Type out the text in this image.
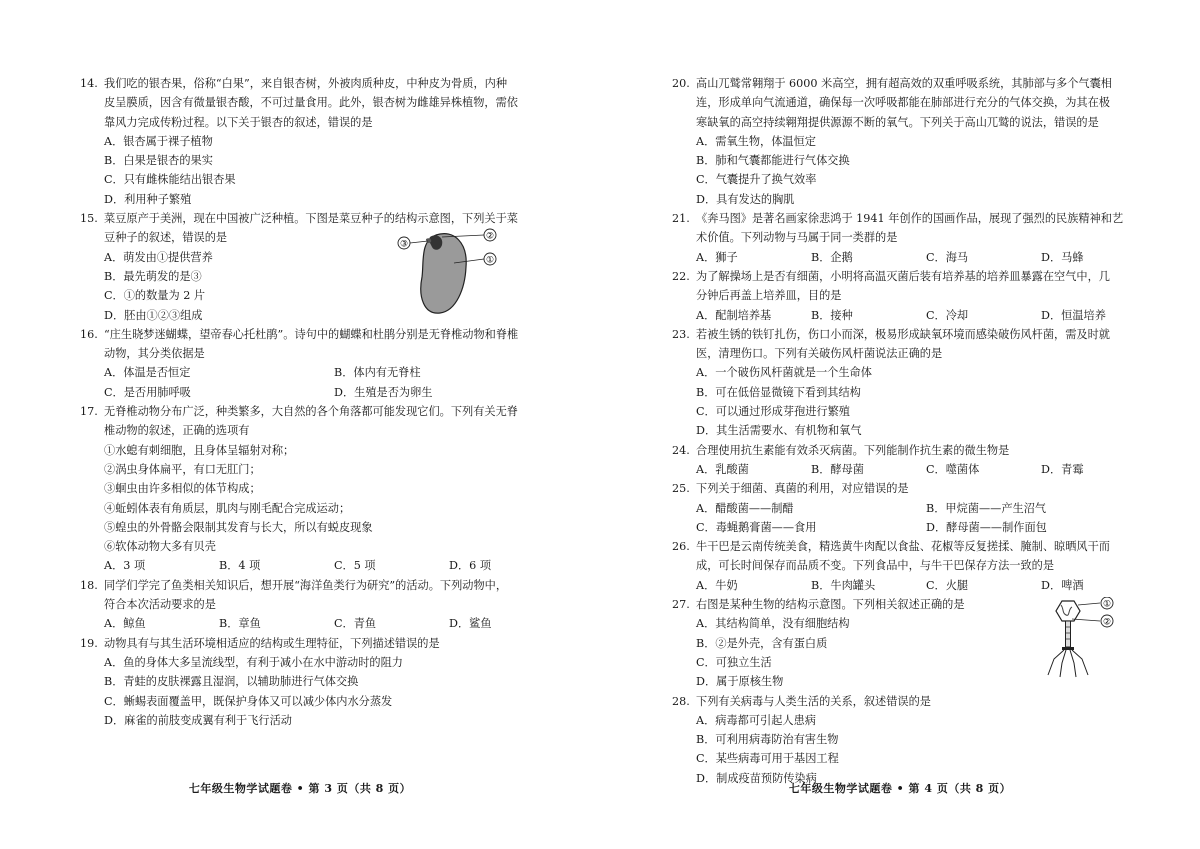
14. 我们吃的银杏果，俗称“白果”，来自银杏树，外被肉质种皮，中种皮为骨质，内种
皮呈膜质，因含有微量银杏酸，不可过量食用。此外，银杏树为雌雄异株植物，需依
靠风力完成传粉过程。以下关于银杏的叙述，错误的是
A．银杏属于裸子植物
B．白果是银杏的果实
C．只有雌株能结出银杏果
D．利用种子繁殖
15. 菜豆原产于美洲，现在中国被广泛种植。下图是菜豆种子的结构示意图，下列关于菜
豆种子的叙述，错误的是
A．萌发由①提供营养
B．最先萌发的是③
C．①的数量为 2 片
D．胚由①②③组成
②
①
③
16. “庄生晓梦迷蝴蝶，望帝春心托杜鹃”。诗句中的蝴蝶和杜鹃分别是无脊椎动物和脊椎
动物，其分类依据是
A．体温是否恒定	B．体内有无脊柱
C．是否用肺呼吸	D．生殖是否为卵生
17. 无脊椎动物分布广泛，种类繁多，大自然的各个角落都可能发现它们。下列有关无脊
椎动物的叙述，正确的选项有
①水螅有刺细胞，且身体呈辐射对称；
②涡虫身体扁平，有口无肛门；
③蛔虫由许多相似的体节构成；
④蚯蚓体表有角质层，肌肉与刚毛配合完成运动；
⑤蝗虫的外骨骼会限制其发育与长大，所以有蜕皮现象
⑥软体动物大多有贝壳
A．3 项	B．4 项	C．5 项	D．6 项
18. 同学们学完了鱼类相关知识后，想开展“海洋鱼类行为研究”的活动。下列动物中，
符合本次活动要求的是
A．鲸鱼	B．章鱼	C．青鱼	D．鲨鱼
19. 动物具有与其生活环境相适应的结构或生理特征，下列描述错误的是
A．鱼的身体大多呈流线型，有利于减小在水中游动时的阻力
B．青蛙的皮肤裸露且湿润，以辅助肺进行气体交换
C．蜥蜴表面覆盖甲，既保护身体又可以减少体内水分蒸发
D．麻雀的前肢变成翼有利于飞行活动
七年级生物学试题卷 • 第 3 页（共 8 页）
20. 高山兀鹫常翱翔于 6000 米高空，拥有超高效的双重呼吸系统，其肺部与多个气囊相
连，形成单向气流通道，确保每一次呼吸都能在肺部进行充分的气体交换，为其在极
寒缺氧的高空持续翱翔提供源源不断的氧气。下列关于高山兀鹫的说法，错误的是
A．需氧生物，体温恒定
B．肺和气囊都能进行气体交换
C．气囊提升了换气效率
D．具有发达的胸肌
21. 《奔马图》是著名画家徐悲鸿于 1941 年创作的国画作品，展现了强烈的民族精神和艺
术价值。下列动物与马属于同一类群的是
A．狮子	B．企鹅	C．海马	D．马蜂
22. 为了解操场上是否有细菌，小明将高温灭菌后装有培养基的培养皿暴露在空气中，几
分钟后再盖上培养皿，目的是
A．配制培养基	B．接种	C．冷却	D．恒温培养
23. 若被生锈的铁钉扎伤，伤口小而深，极易形成缺氧环境而感染破伤风杆菌，需及时就
医，清理伤口。下列有关破伤风杆菌说法正确的是
A．一个破伤风杆菌就是一个生命体
B．可在低倍显微镜下看到其结构
C．可以通过形成芽孢进行繁殖
D．其生活需要水、有机物和氧气
24. 合理使用抗生素能有效杀灭病菌。下列能制作抗生素的微生物是
A．乳酸菌	B．酵母菌	C．噬菌体	D．青霉
25. 下列关于细菌、真菌的利用，对应错误的是
A．醋酸菌——制醋	B．甲烷菌——产生沼气
C．毒蝇鹅膏菌——食用	D．酵母菌——制作面包
26. 牛干巴是云南传统美食，精选黄牛肉配以食盐、花椒等反复搓揉、腌制、晾晒风干而
成，可长时间保存而品质不变。下列食品中，与牛干巴保存方法一致的是
A．牛奶	B．牛肉罐头	C．火腿	D．啤酒
27. 右图是某种生物的结构示意图。下列相关叙述正确的是
A．其结构简单，没有细胞结构
B．②是外壳，含有蛋白质
C．可独立生活
D．属于原核生物
①
②
28. 下列有关病毒与人类生活的关系，叙述错误的是
A．病毒都可引起人患病
B．可利用病毒防治有害生物
C．某些病毒可用于基因工程
D．制成疫苗预防传染病
七年级生物学试题卷 • 第 4 页（共 8 页）
